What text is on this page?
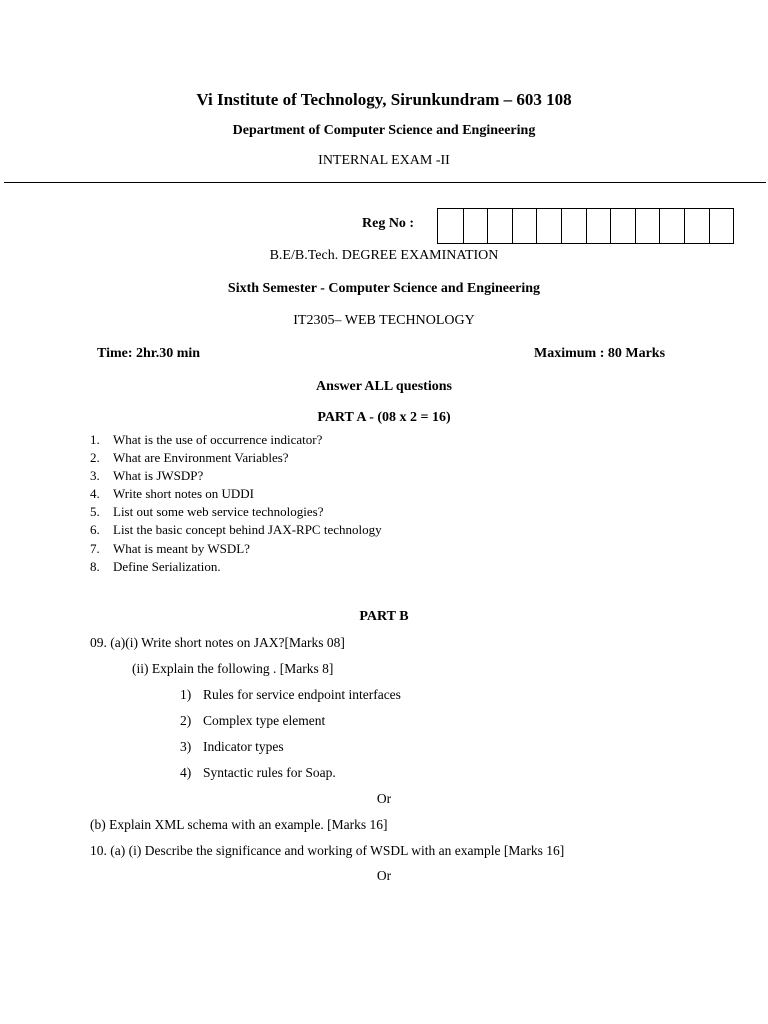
Vi Institute of Technology, Sirunkundram – 603 108
Department of Computer Science and Engineering
INTERNAL EXAM -II
Reg No :
B.E/B.Tech. DEGREE EXAMINATION
Sixth Semester - Computer Science and Engineering
IT2305– WEB TECHNOLOGY
Time: 2hr.30 min	Maximum : 80 Marks
Answer ALL questions
PART A - (08 x 2 = 16)
1. What is the use of occurrence indicator?
2. What are Environment Variables?
3. What is JWSDP?
4. Write short notes on UDDI
5. List out some web service technologies?
6. List the basic concept behind JAX-RPC technology
7. What is meant by WSDL?
8. Define Serialization.
PART B
09. (a)(i) Write short notes on JAX?[Marks 08]
(ii) Explain the following . [Marks 8]
1) Rules for service endpoint interfaces
2) Complex type element
3) Indicator types
4) Syntactic rules for Soap.
Or
(b) Explain XML schema with an example. [Marks 16]
10. (a) (i) Describe the significance and working of WSDL with an example [Marks 16]
Or
